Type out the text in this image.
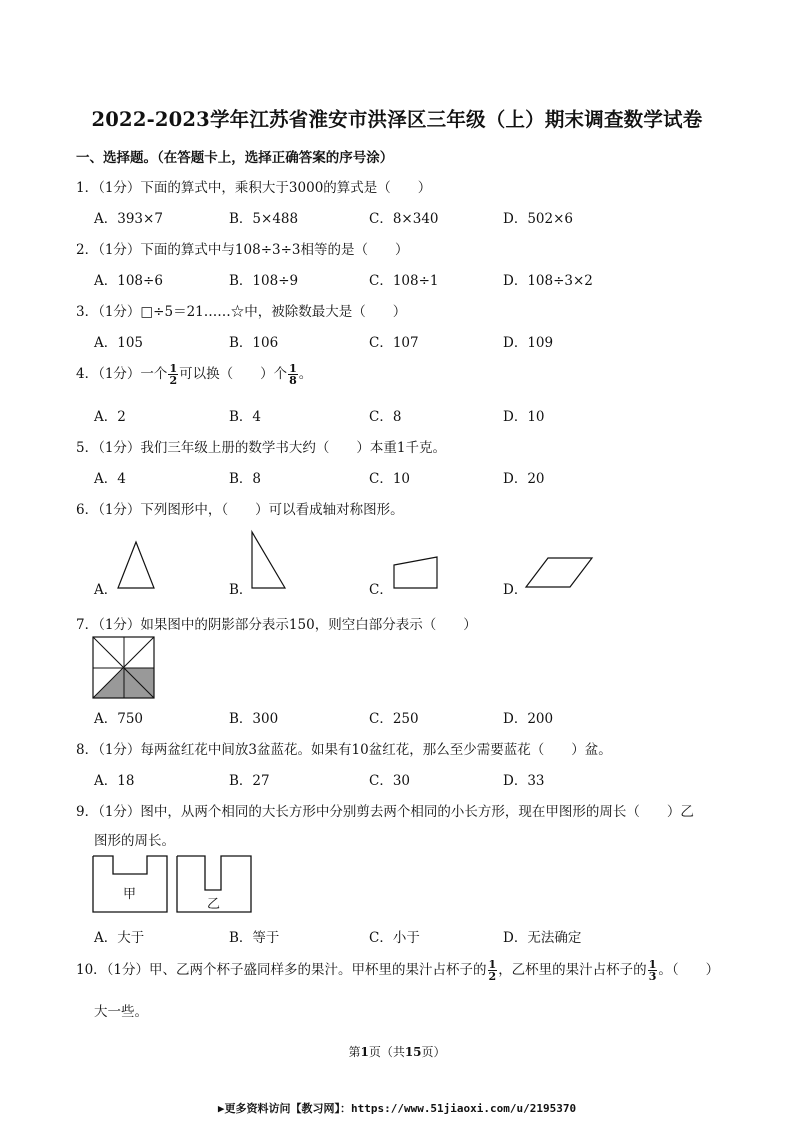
2022-2023学年江苏省淮安市洪泽区三年级（上）期末调查数学试卷
一、选择题。（在答题卡上，选择正确答案的序号涂）
1．（1分）下面的算式中，乘积大于3000的算式是（　　）
A．393×7	B．5×488	C．8×340	D．502×6
2．（1分）下面的算式中与108÷3÷3相等的是（　　）
A．108÷6	B．108÷9	C．108÷1	D．108÷3×2
3．（1分）□÷5＝21……☆中，被除数最大是（　　）
A．105	B．106	C．107	D．109
4．（1分）一个 $\frac{1}{2}$ 可以换（　　）个 $\frac{1}{8}$ 。
A．2	B．4	C．8	D．10
5．（1分）我们三年级上册的数学书大约（　　）本重1千克。
A．4	B．8	C．10	D．20
6．（1分）下列图形中，（　　）可以看成轴对称图形。
A．	B．	C．	D．
7．（1分）如果图中的阴影部分表示150，则空白部分表示（　　）
A．750	B．300	C．250	D．200
8．（1分）每两盆红花中间放3盆蓝花。如果有10盆红花，那么至少需要蓝花（　　）盆。
A．18	B．27	C．30	D．33
9．（1分）图中，从两个相同的大长方形中分别剪去两个相同的小长方形，现在甲图形的周长（　　）乙
图形的周长。
甲
乙
A．大于	B．等于	C．小于	D．无法确定
10．（1分）甲、乙两个杯子盛同样多的果汁。甲杯里的果汁占杯子的 $\frac{1}{2}$ ，乙杯里的果汁占杯子的 $\frac{1}{3}$ 。（　　）
大一些。
第1页（共15页）
▶更多资料访问【教习网】：https://www.51jiaoxi.com/u/2195370
